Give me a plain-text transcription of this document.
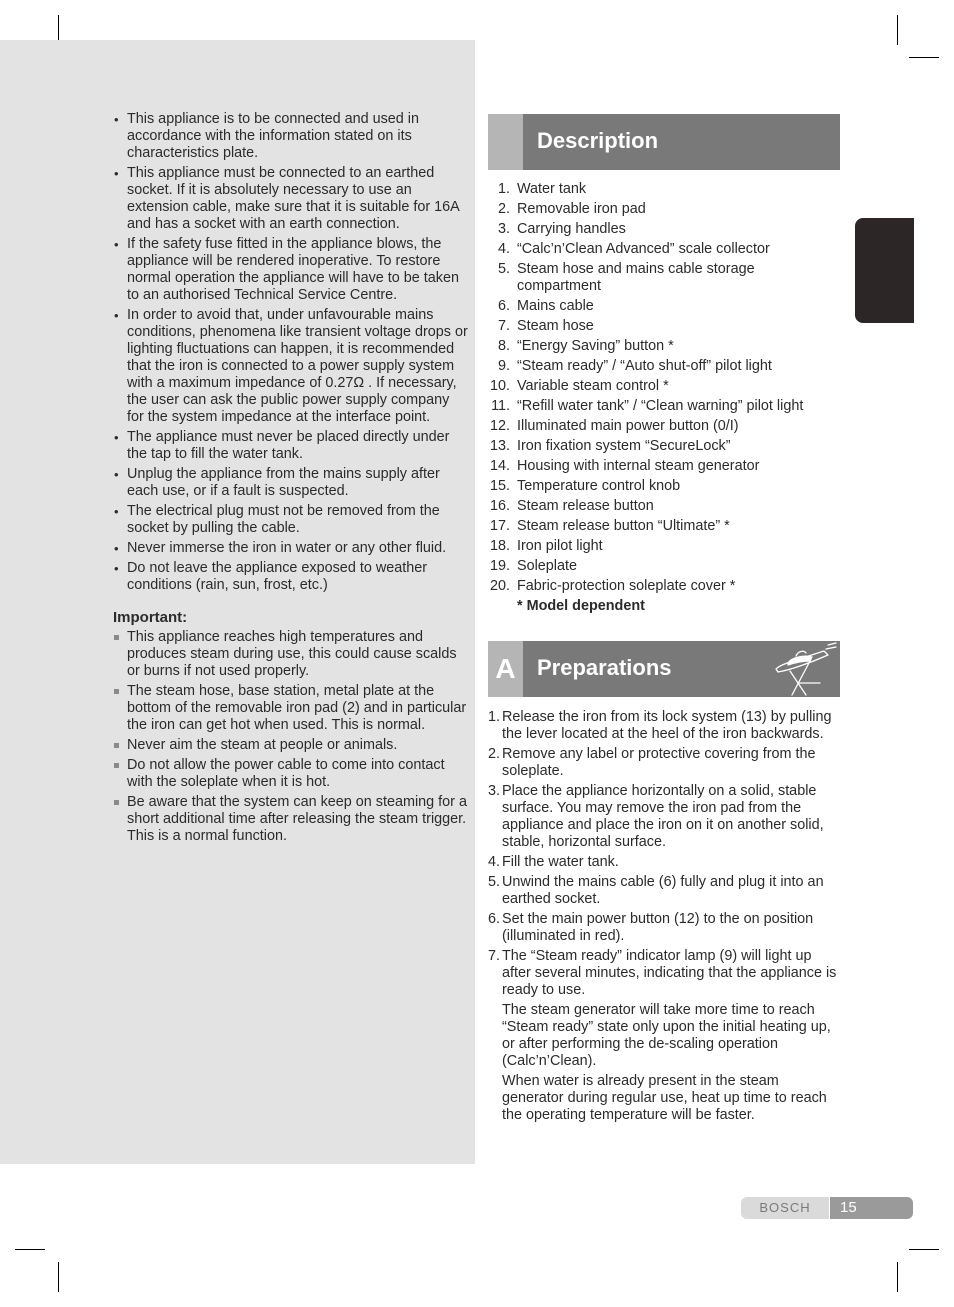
• This appliance is to be connected and used in accordance with the information stated on its characteristics plate.
• This appliance must be connected to an earthed socket. If it is absolutely necessary to use an extension cable, make sure that it is suitable for 16A and has a socket with an earth connection.
• If the safety fuse fitted in the appliance blows, the appliance will be rendered inoperative. To restore normal operation the appliance will have to be taken to an authorised Technical Service Centre.
• In order to avoid that, under unfavourable mains conditions, phenomena like transient voltage drops or lighting fluctuations can happen, it is recommended that the iron is connected to a power supply system with a maximum impedance of 0.27Ω . If necessary, the user can ask the public power supply company for the system impedance at the interface point.
• The appliance must never be placed directly under the tap to fill the water tank.
• Unplug the appliance from the mains supply after each use, or if a fault is suspected.
• The electrical plug must not be removed from the socket by pulling the cable.
• Never immerse the iron in water or any other fluid.
• Do not leave the appliance exposed to weather conditions (rain, sun, frost, etc.)
Important:
This appliance reaches high temperatures and produces steam during use, this could cause scalds or burns if not used properly.
The steam hose, base station, metal plate at the bottom of the removable iron pad (2) and in particular the iron can get hot when used. This is normal.
Never aim the steam at people or animals.
Do not allow the power cable to come into contact with the soleplate when it is hot.
Be aware that the system can keep on steaming for a short additional time after releasing the steam trigger. This is a normal function.
Description
1. Water tank
2. Removable iron pad
3. Carrying handles
4. “Calc’n’Clean Advanced” scale collector
5. Steam hose and mains cable storage compartment
6. Mains cable
7. Steam hose
8. “Energy Saving” button *
9. “Steam ready” / “Auto shut-off” pilot light
10. Variable steam control *
11. “Refill water tank” / “Clean warning” pilot light
12. Illuminated main power button (0/I)
13. Iron fixation system “SecureLock”
14. Housing with internal steam generator
15. Temperature control knob
16. Steam release button
17. Steam release button “Ultimate” *
18. Iron pilot light
19. Soleplate
20. Fabric-protection soleplate cover *
* Model dependent
A Preparations
1. Release the iron from its lock system (13) by pulling the lever located at the heel of the iron backwards.

2. Remove any label or protective covering from the soleplate.

3. Place the appliance horizontally on a solid, stable surface. You may remove the iron pad from the appliance and place the iron on it on another solid, stable, horizontal surface.

4. Fill the water tank.

5. Unwind the mains cable (6) fully and plug it into an earthed socket.

6. Set the main power button (12) to the on position (illuminated in red).

7. The “Steam ready” indicator lamp (9) will light up after several minutes, indicating that the appliance is ready to use.

The steam generator will take more time to reach “Steam ready” state only upon the initial heating up, or after performing the de-scaling operation (Calc’n’Clean).

When water is already present in the steam generator during regular use, heat up time to reach the operating temperature will be faster.

ENGLISH
BOSCH	15
